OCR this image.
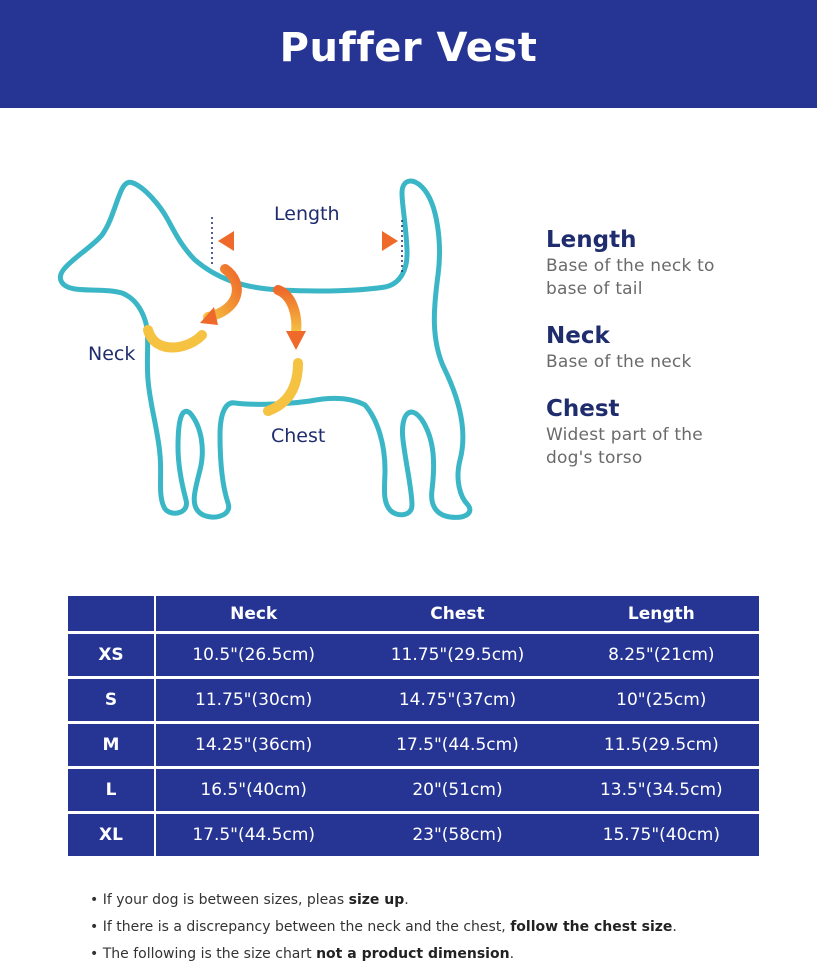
Puffer Vest
Length
Neck
Chest
Length
Base of the neck to
base of tail
Neck
Base of the neck
Chest
Widest part of the
dog's torso
	Neck	Chest	Length
XS	10.5"(26.5cm)	11.75"(29.5cm)	8.25"(21cm)
S	11.75"(30cm)	14.75"(37cm)	10"(25cm)
M	14.25"(36cm)	17.5"(44.5cm)	11.5(29.5cm)
L	16.5"(40cm)	20"(51cm)	13.5"(34.5cm)
XL	17.5"(44.5cm)	23"(58cm)	15.75"(40cm)
• If your dog is between sizes, pleas size up.
• If there is a discrepancy between the neck and the chest, follow the chest size.
• The following is the size chart not a product dimension.
